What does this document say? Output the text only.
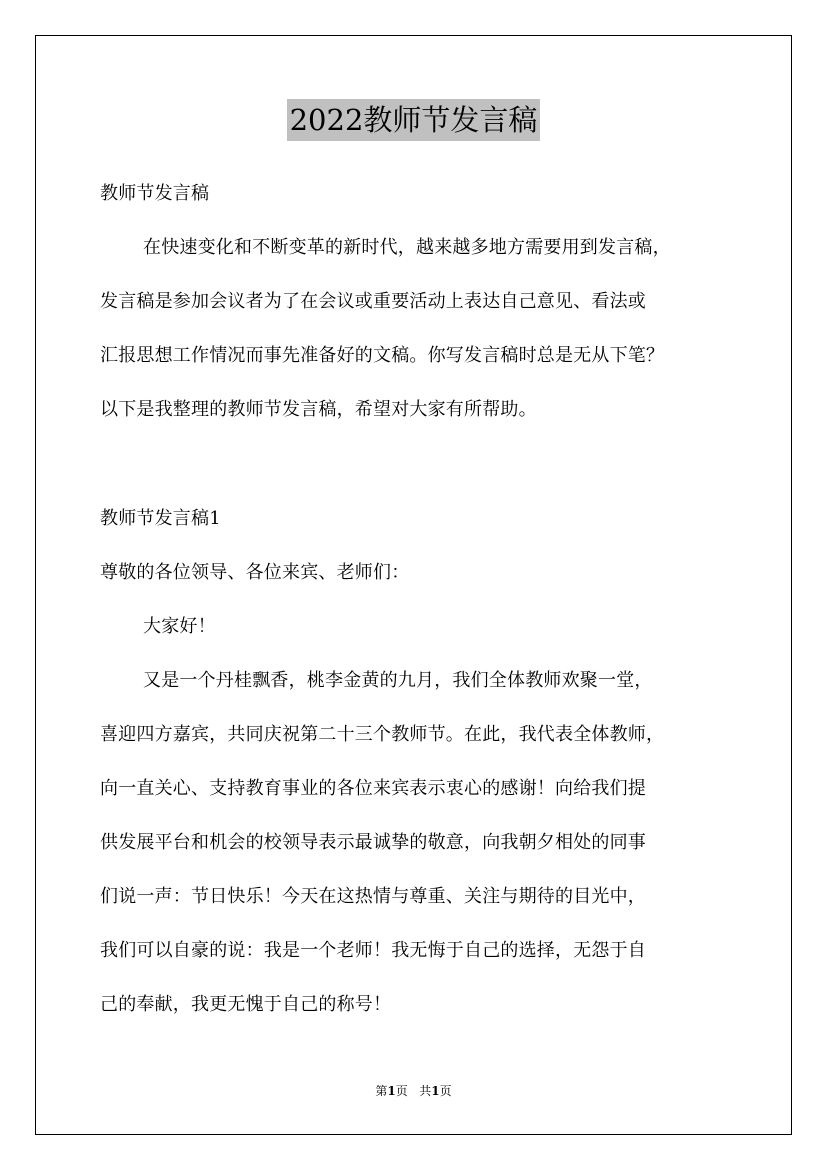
2022教师节发言稿
教师节发言稿
在快速变化和不断变革的新时代，越来越多地方需要用到发言稿，
发言稿是参加会议者为了在会议或重要活动上表达自己意见、看法或
汇报思想工作情况而事先准备好的文稿。你写发言稿时总是无从下笔？
以下是我整理的教师节发言稿，希望对大家有所帮助。
教师节发言稿1
尊敬的各位领导、各位来宾、老师们：
大家好！
又是一个丹桂飘香，桃李金黄的九月，我们全体教师欢聚一堂，
喜迎四方嘉宾，共同庆祝第二十三个教师节。在此，我代表全体教师，
向一直关心、支持教育事业的各位来宾表示衷心的感谢！向给我们提
供发展平台和机会的校领导表示最诚挚的敬意，向我朝夕相处的同事
们说一声：节日快乐！今天在这热情与尊重、关注与期待的目光中，
我们可以自豪的说：我是一个老师！我无悔于自己的选择，无怨于自
己的奉献，我更无愧于自己的称号！
第1页 共1页
